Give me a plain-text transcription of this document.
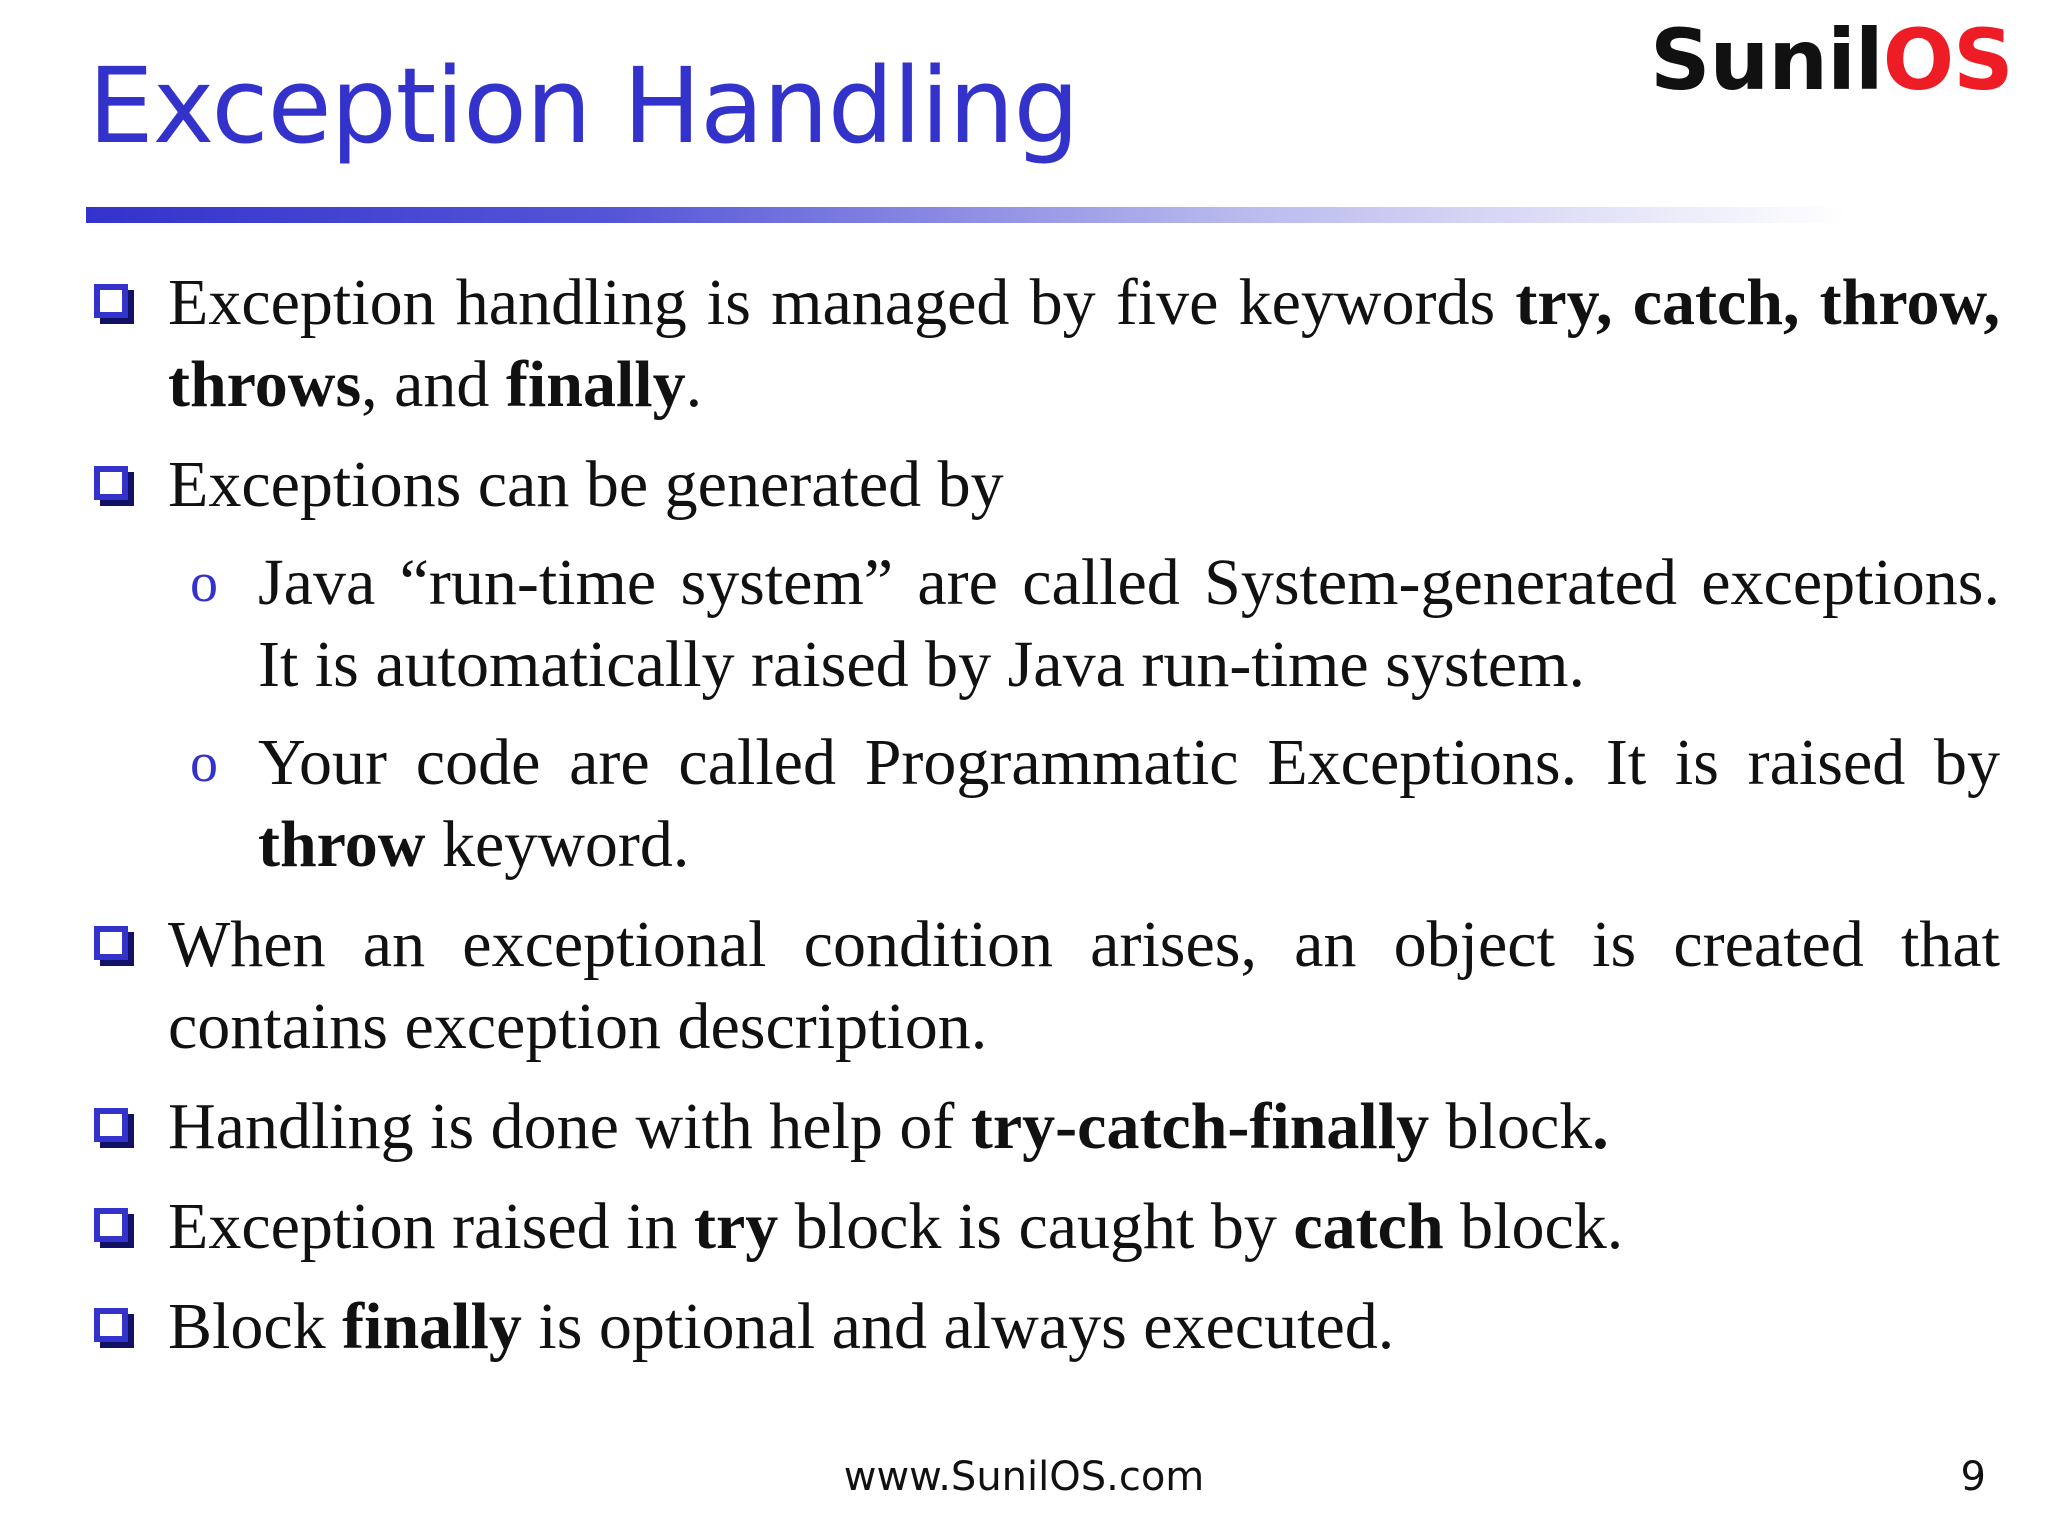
Exception Handling	SunilOS
Exception handling is managed by five keywords try, catch, throw, throws, and finally.
Exceptions can be generated by
o Java “run-time system” are called System-generated exceptions. It is automatically raised by Java run-time system.
o Your code are called Programmatic Exceptions. It is raised by throw keyword.
When an exceptional condition arises, an object is created that contains exception description.
Handling is done with help of try-catch-finally block.
Exception raised in try block is caught by catch block.
Block finally is optional and always executed.
www.SunilOS.com	9
